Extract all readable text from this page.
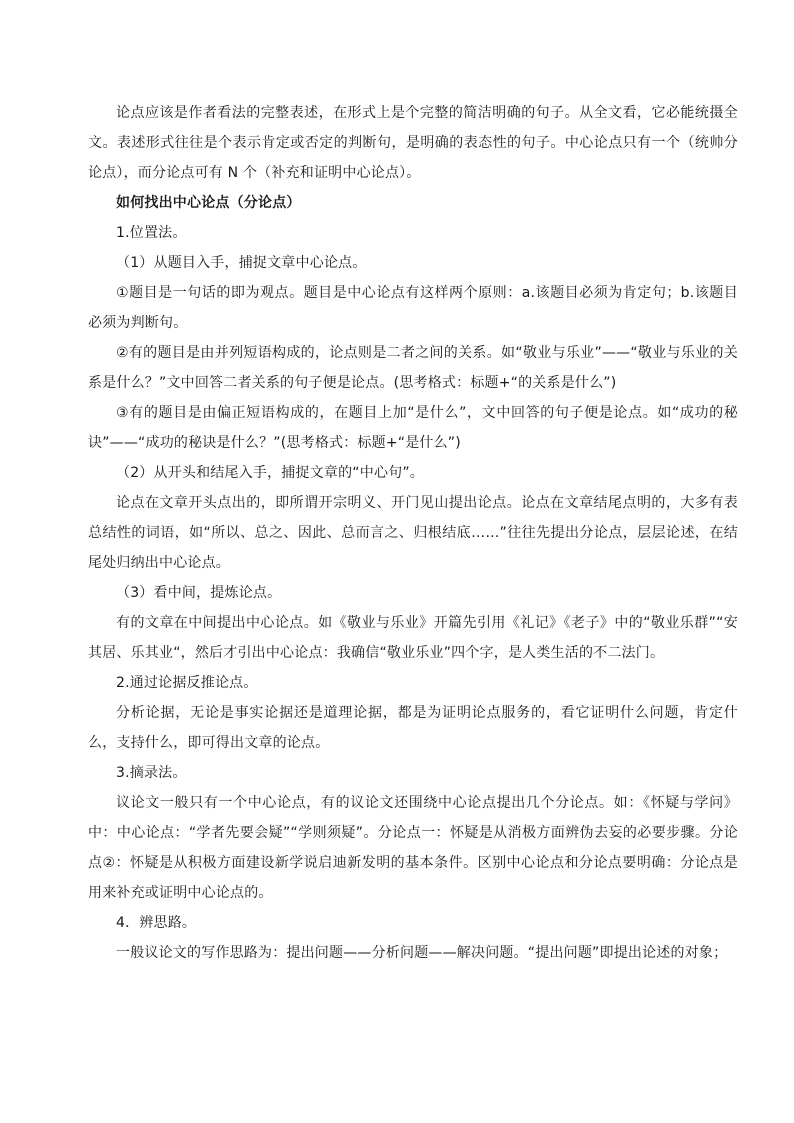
论点应该是作者看法的完整表述，在形式上是个完整的简洁明确的句子。从全文看，它必能统摄全文。表述形式往往是个表示肯定或否定的判断句，是明确的表态性的句子。中心论点只有一个（统帅分论点），而分论点可有 N 个（补充和证明中心论点）。

如何找出中心论点（分论点）

1.位置法。

（1）从题目入手，捕捉文章中心论点。

①题目是一句话的即为观点。题目是中心论点有这样两个原则：a.该题目必须为肯定句；b.该题目必须为判断句。

②有的题目是由并列短语构成的，论点则是二者之间的关系。如“敬业与乐业”——“敬业与乐业的关系是什么？”文中回答二者关系的句子便是论点。(思考格式：标题+“的关系是什么”)

③有的题目是由偏正短语构成的，在题目上加“是什么”，文中回答的句子便是论点。如“成功的秘诀”——“成功的秘诀是什么？”(思考格式：标题+“是什么”)

（2）从开头和结尾入手，捕捉文章的“中心句”。

论点在文章开头点出的，即所谓开宗明义、开门见山提出论点。论点在文章结尾点明的，大多有表总结性的词语，如“所以、总之、因此、总而言之、归根结底……”往往先提出分论点，层层论述，在结尾处归纳出中心论点。

（3）看中间，提炼论点。

有的文章在中间提出中心论点。如《敬业与乐业》开篇先引用《礼记》《老子》中的“敬业乐群”“安其居、乐其业“，然后才引出中心论点：我确信“敬业乐业”四个字，是人类生活的不二法门。

2.通过论据反推论点。

分析论据，无论是事实论据还是道理论据，都是为证明论点服务的，看它证明什么问题，肯定什么，支持什么，即可得出文章的论点。

3.摘录法。

议论文一般只有一个中心论点，有的议论文还围绕中心论点提出几个分论点。如：《怀疑与学问》中：中心论点：“学者先要会疑”“学则须疑”。分论点一：怀疑是从消极方面辨伪去妄的必要步骤。分论点②：怀疑是从积极方面建设新学说启迪新发明的基本条件。区别中心论点和分论点要明确：分论点是用来补充或证明中心论点的。

4．辨思路。

一般议论文的写作思路为：提出问题——分析问题——解决问题。“提出问题”即提出论述的对象；
